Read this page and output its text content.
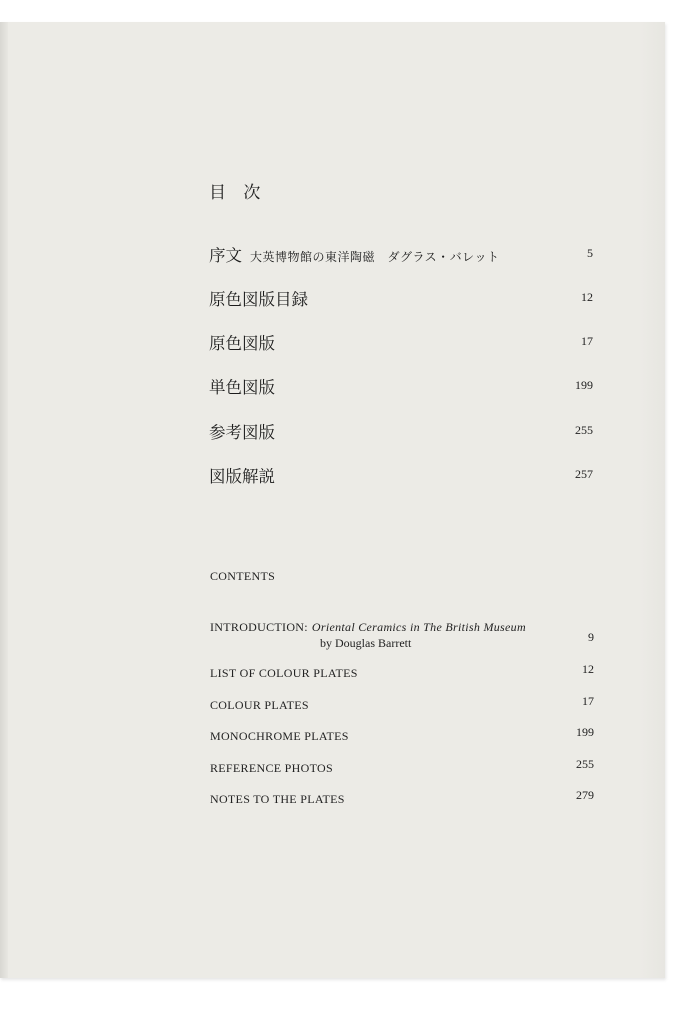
目 次
序文 大英博物館の東洋陶磁　ダグラス・バレット	5
原色図版目録	12
原色図版	17
単色図版	199
参考図版	255
図版解説	257
CONTENTS
INTRODUCTION: Oriental Ceramics in The British Museum
by Douglas Barrett	9
LIST OF COLOUR PLATES	12
COLOUR PLATES	17
MONOCHROME PLATES	199
REFERENCE PHOTOS	255
NOTES TO THE PLATES	279
